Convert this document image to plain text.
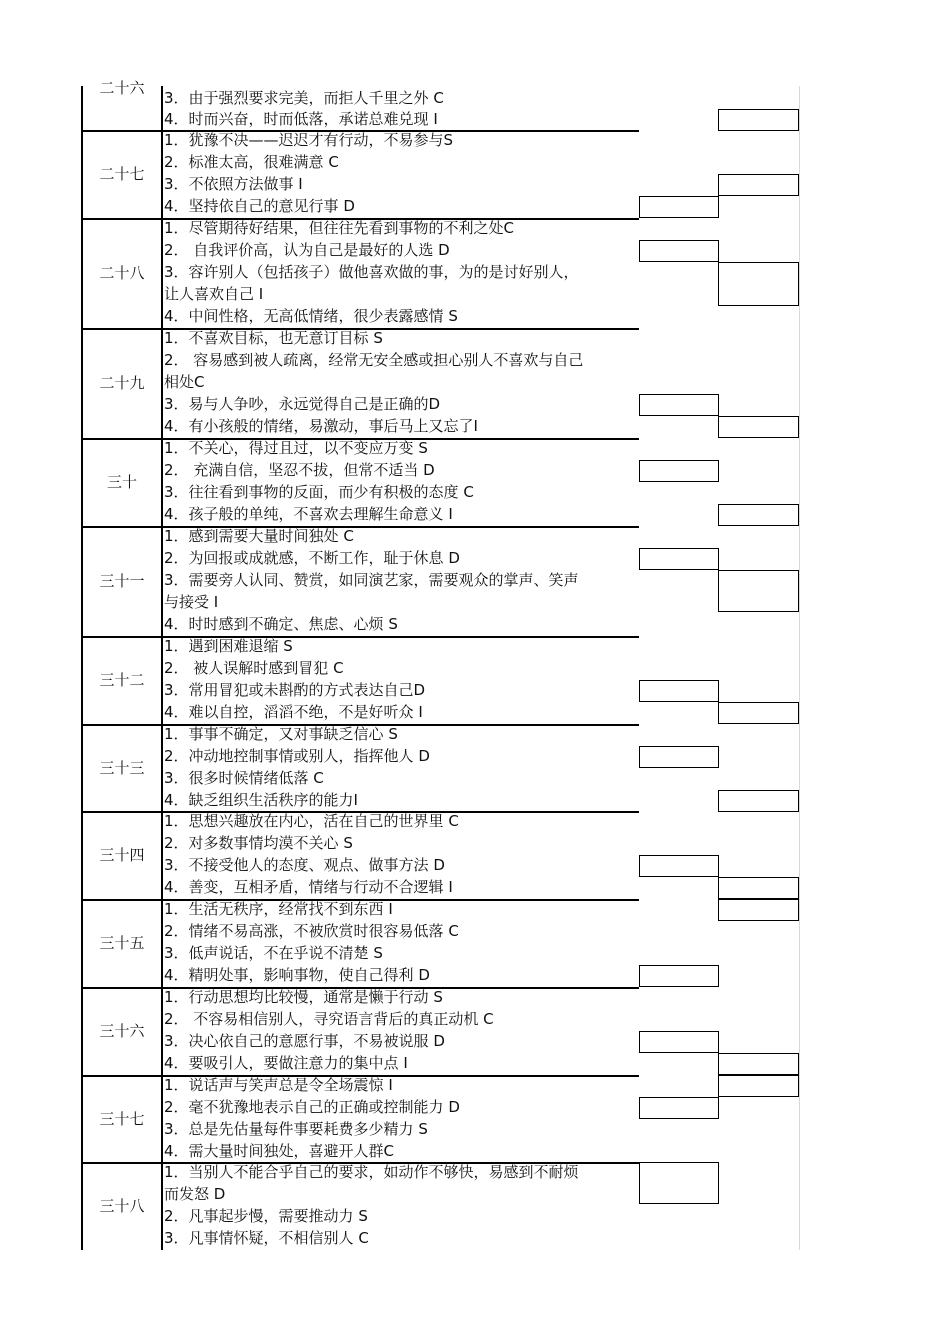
二十六
3．由于强烈要求完美，而拒人千里之外 C
4．时而兴奋，时而低落，承诺总难兑现 I
二十七
1．犹豫不决——迟迟才有行动，不易参与S
2．标准太高，很难满意 C
3．不依照方法做事 I
4．坚持依自己的意见行事 D
二十八
1．尽管期待好结果，但往往先看到事物的不利之处C
2． 自我评价高，认为自己是最好的人选 D
3．容许别人（包括孩子）做他喜欢做的事，为的是讨好别人，
让人喜欢自己 I
4．中间性格，无高低情绪，很少表露感情 S
二十九
1．不喜欢目标，也无意订目标 S
2． 容易感到被人疏离，经常无安全感或担心别人不喜欢与自己
相处C
3．易与人争吵，永远觉得自己是正确的D
4．有小孩般的情绪，易激动，事后马上又忘了I
三十
1．不关心，得过且过，以不变应万变 S
2． 充满自信，坚忍不拔，但常不适当 D
3．往往看到事物的反面，而少有积极的态度 C
4．孩子般的单纯，不喜欢去理解生命意义 I
三十一
1．感到需要大量时间独处 C
2．为回报或成就感，不断工作，耻于休息 D
3．需要旁人认同、赞赏，如同演艺家，需要观众的掌声、笑声
与接受 I
4．时时感到不确定、焦虑、心烦 S
三十二
1．遇到困难退缩 S
2． 被人误解时感到冒犯 C
3．常用冒犯或未斟酌的方式表达自己D
4．难以自控，滔滔不绝，不是好听众 I
三十三
1．事事不确定，又对事缺乏信心 S
2．冲动地控制事情或别人，指挥他人 D
3．很多时候情绪低落 C
4．缺乏组织生活秩序的能力I
三十四
1．思想兴趣放在内心，活在自己的世界里 C
2．对多数事情均漠不关心 S
3．不接受他人的态度、观点、做事方法 D
4．善变，互相矛盾，情绪与行动不合逻辑 I
三十五
1．生活无秩序，经常找不到东西 I
2．情绪不易高涨，不被欣赏时很容易低落 C
3．低声说话，不在乎说不清楚 S
4．精明处事，影响事物，使自己得利 D
三十六
1．行动思想均比较慢，通常是懒于行动 S
2． 不容易相信别人，寻究语言背后的真正动机 C
3．决心依自己的意愿行事，不易被说服 D
4．要吸引人，要做注意力的集中点 I
三十七
1．说话声与笑声总是令全场震惊 I
2．毫不犹豫地表示自己的正确或控制能力 D
3．总是先估量每件事要耗费多少精力 S
4．需大量时间独处，喜避开人群C
三十八
1．当别人不能合乎自己的要求，如动作不够快，易感到不耐烦
而发怒 D
2．凡事起步慢，需要推动力 S
3．凡事情怀疑，不相信别人 C
